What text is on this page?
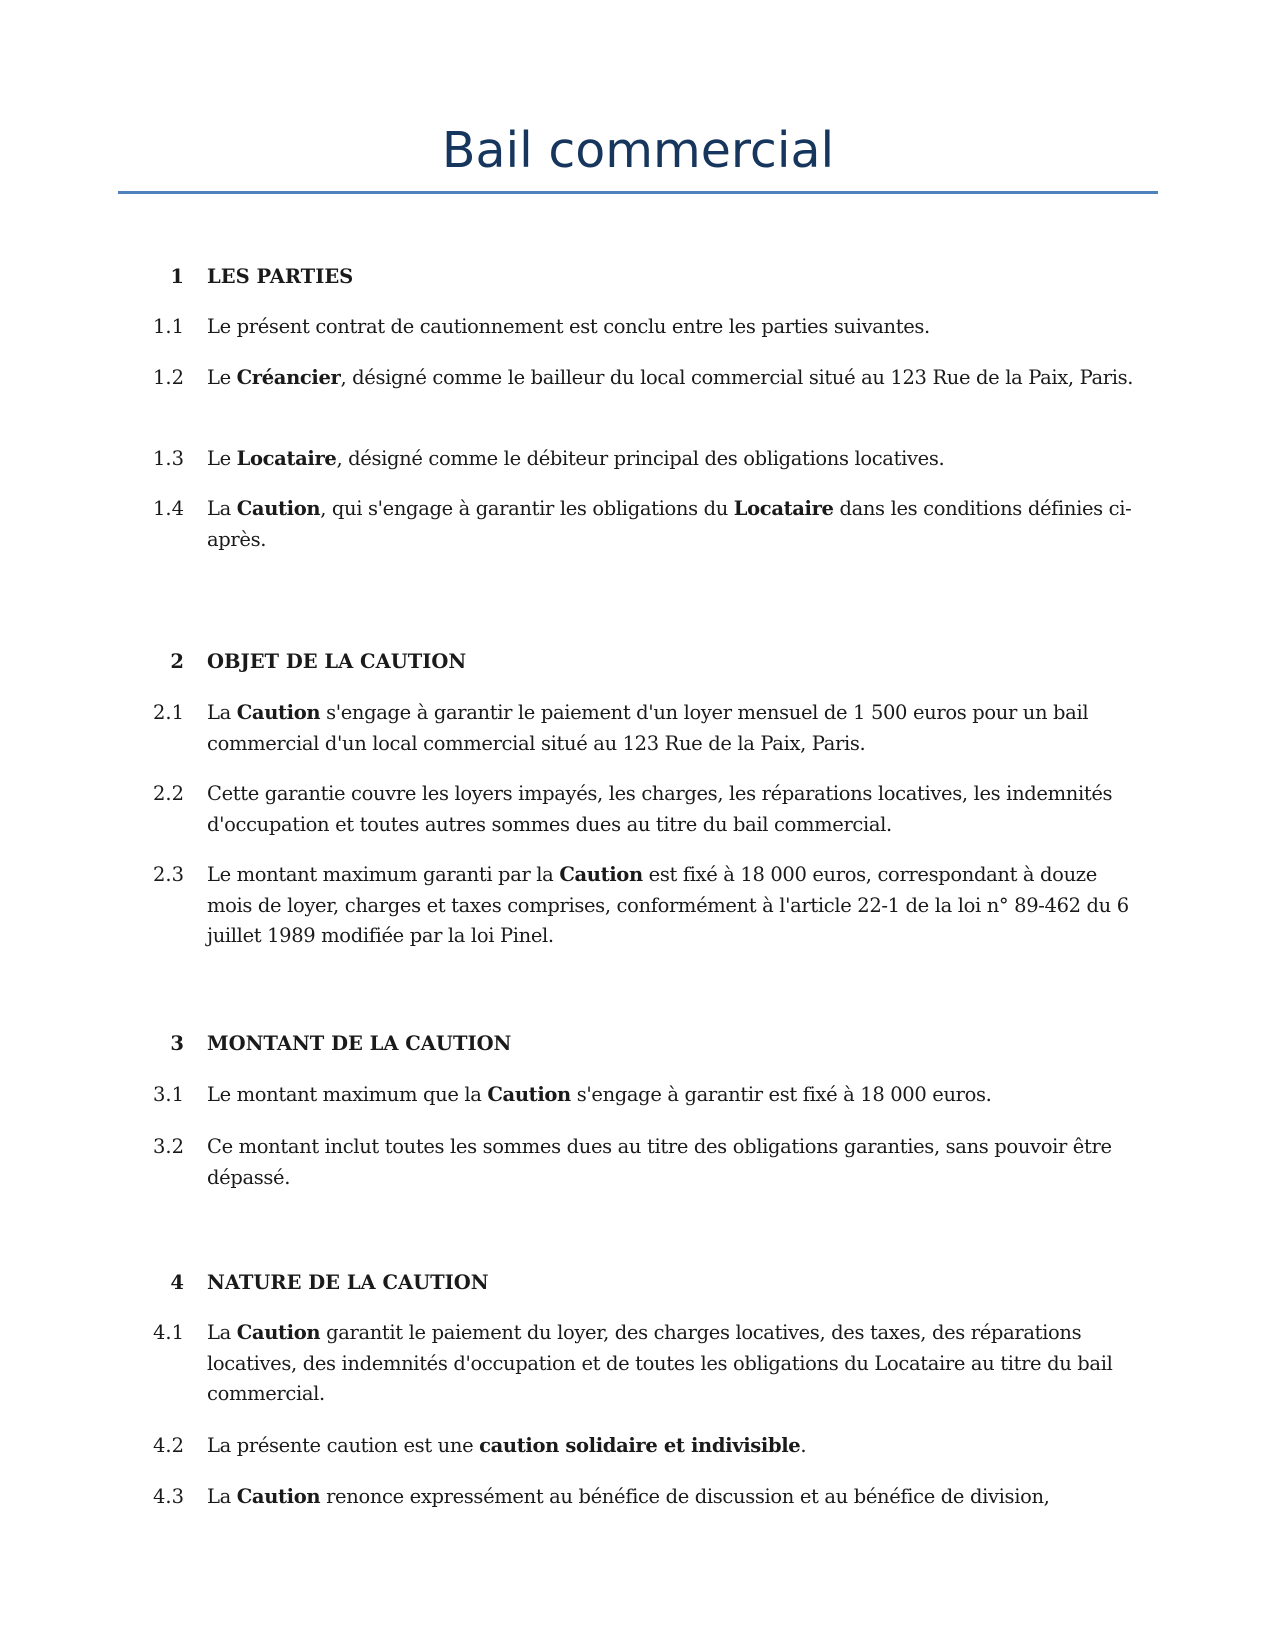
Bail commercial
1 LES PARTIES
1.1 Le présent contrat de cautionnement est conclu entre les parties suivantes.
1.2 Le Créancier, désigné comme le bailleur du local commercial situé au 123 Rue de la Paix, Paris.
1.3 Le Locataire, désigné comme le débiteur principal des obligations locatives.
1.4 La Caution, qui s'engage à garantir les obligations du Locataire dans les conditions définies ci-après.
2 OBJET DE LA CAUTION
2.1 La Caution s'engage à garantir le paiement d'un loyer mensuel de 1 500 euros pour un bail commercial d'un local commercial situé au 123 Rue de la Paix, Paris.
2.2 Cette garantie couvre les loyers impayés, les charges, les réparations locatives, les indemnités d'occupation et toutes autres sommes dues au titre du bail commercial.
2.3 Le montant maximum garanti par la Caution est fixé à 18 000 euros, correspondant à douze mois de loyer, charges et taxes comprises, conformément à l'article 22-1 de la loi n° 89-462 du 6 juillet 1989 modifiée par la loi Pinel.
3 MONTANT DE LA CAUTION
3.1 Le montant maximum que la Caution s'engage à garantir est fixé à 18 000 euros.
3.2 Ce montant inclut toutes les sommes dues au titre des obligations garanties, sans pouvoir être dépassé.
4 NATURE DE LA CAUTION
4.1 La Caution garantit le paiement du loyer, des charges locatives, des taxes, des réparations locatives, des indemnités d'occupation et de toutes les obligations du Locataire au titre du bail commercial.
4.2 La présente caution est une caution solidaire et indivisible.
4.3 La Caution renonce expressément au bénéfice de discussion et au bénéfice de division,
